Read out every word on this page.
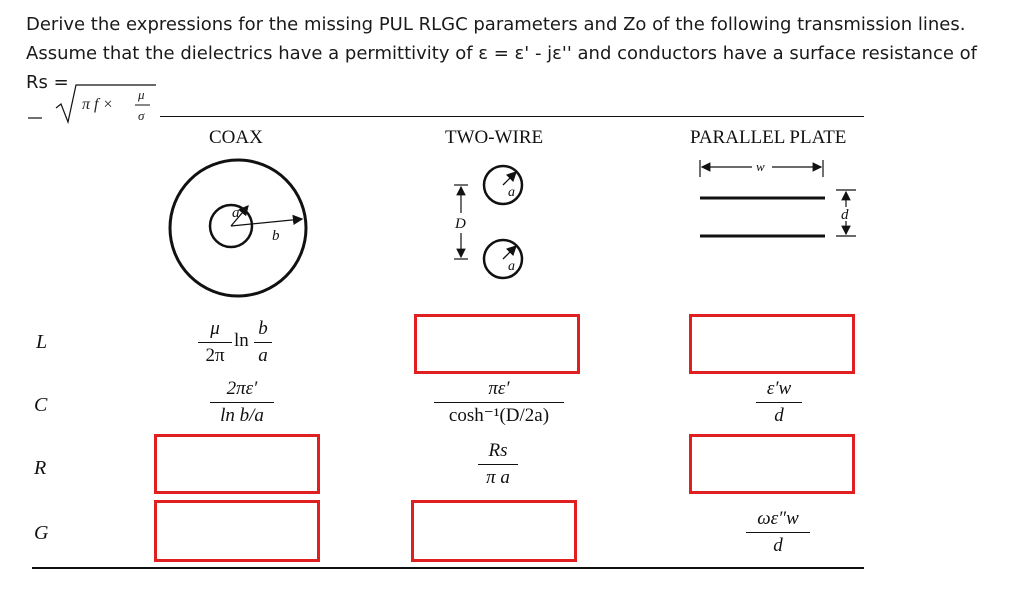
Derive the expressions for the missing PUL RLGC parameters and Zo of the following transmission lines.

Assume that the dielectrics have a permittivity of ε = ε' - jε'' and conductors have a surface resistance of

Rs =

π f ×
μ
σ
COAX	TWO-WIRE	PARALLEL PLATE
a
b
a
a
D
w
d
L
C
R
G
μ
2π
ln
b
a
2πε′
ln b/a
πε′
cosh⁻¹(D/2a)
Rs
π a
ε′w
d
ωε″w
d
